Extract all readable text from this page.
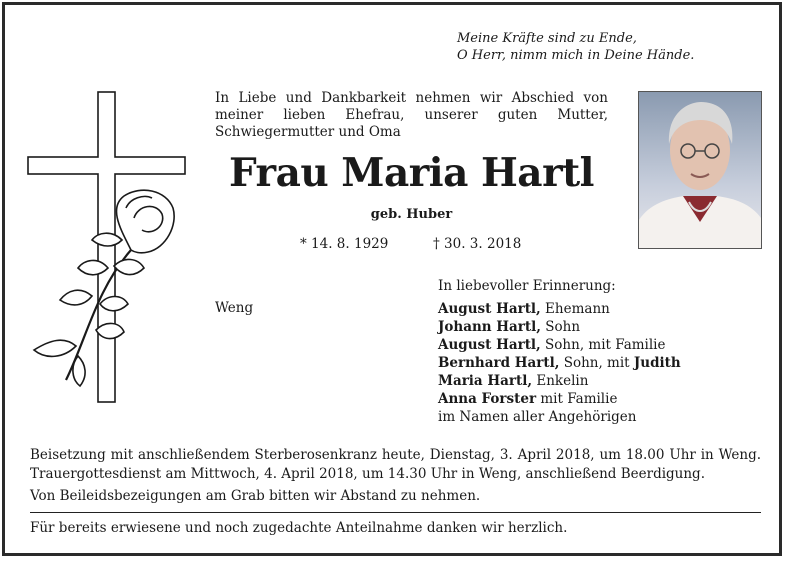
Meine Kräfte sind zu Ende,
O Herr, nimm mich in Deine Hände.
In Liebe und Dankbarkeit nehmen wir Abschied von meiner lieben Ehefrau, unserer guten Mutter, Schwiegermutter und Oma
Frau Maria Hartl
geb. Huber
* 14. 8. 1929	† 30. 3. 2018
In liebevoller Erinnerung:
Weng	August Hartl, Ehemann
Johann Hartl, Sohn
August Hartl, Sohn, mit Familie
Bernhard Hartl, Sohn, mit Judith
Maria Hartl, Enkelin
Anna Forster mit Familie
im Namen aller Angehörigen
Beisetzung mit anschließendem Sterberosenkranz heute, Dienstag, 3. April 2018, um 18.00 Uhr in Weng. Trauergottesdienst am Mittwoch, 4. April 2018, um 14.30 Uhr in Weng, anschließend Beerdigung.
Von Beileidsbezeigungen am Grab bitten wir Abstand zu nehmen.
Für bereits erwiesene und noch zugedachte Anteilnahme danken wir herzlich.
